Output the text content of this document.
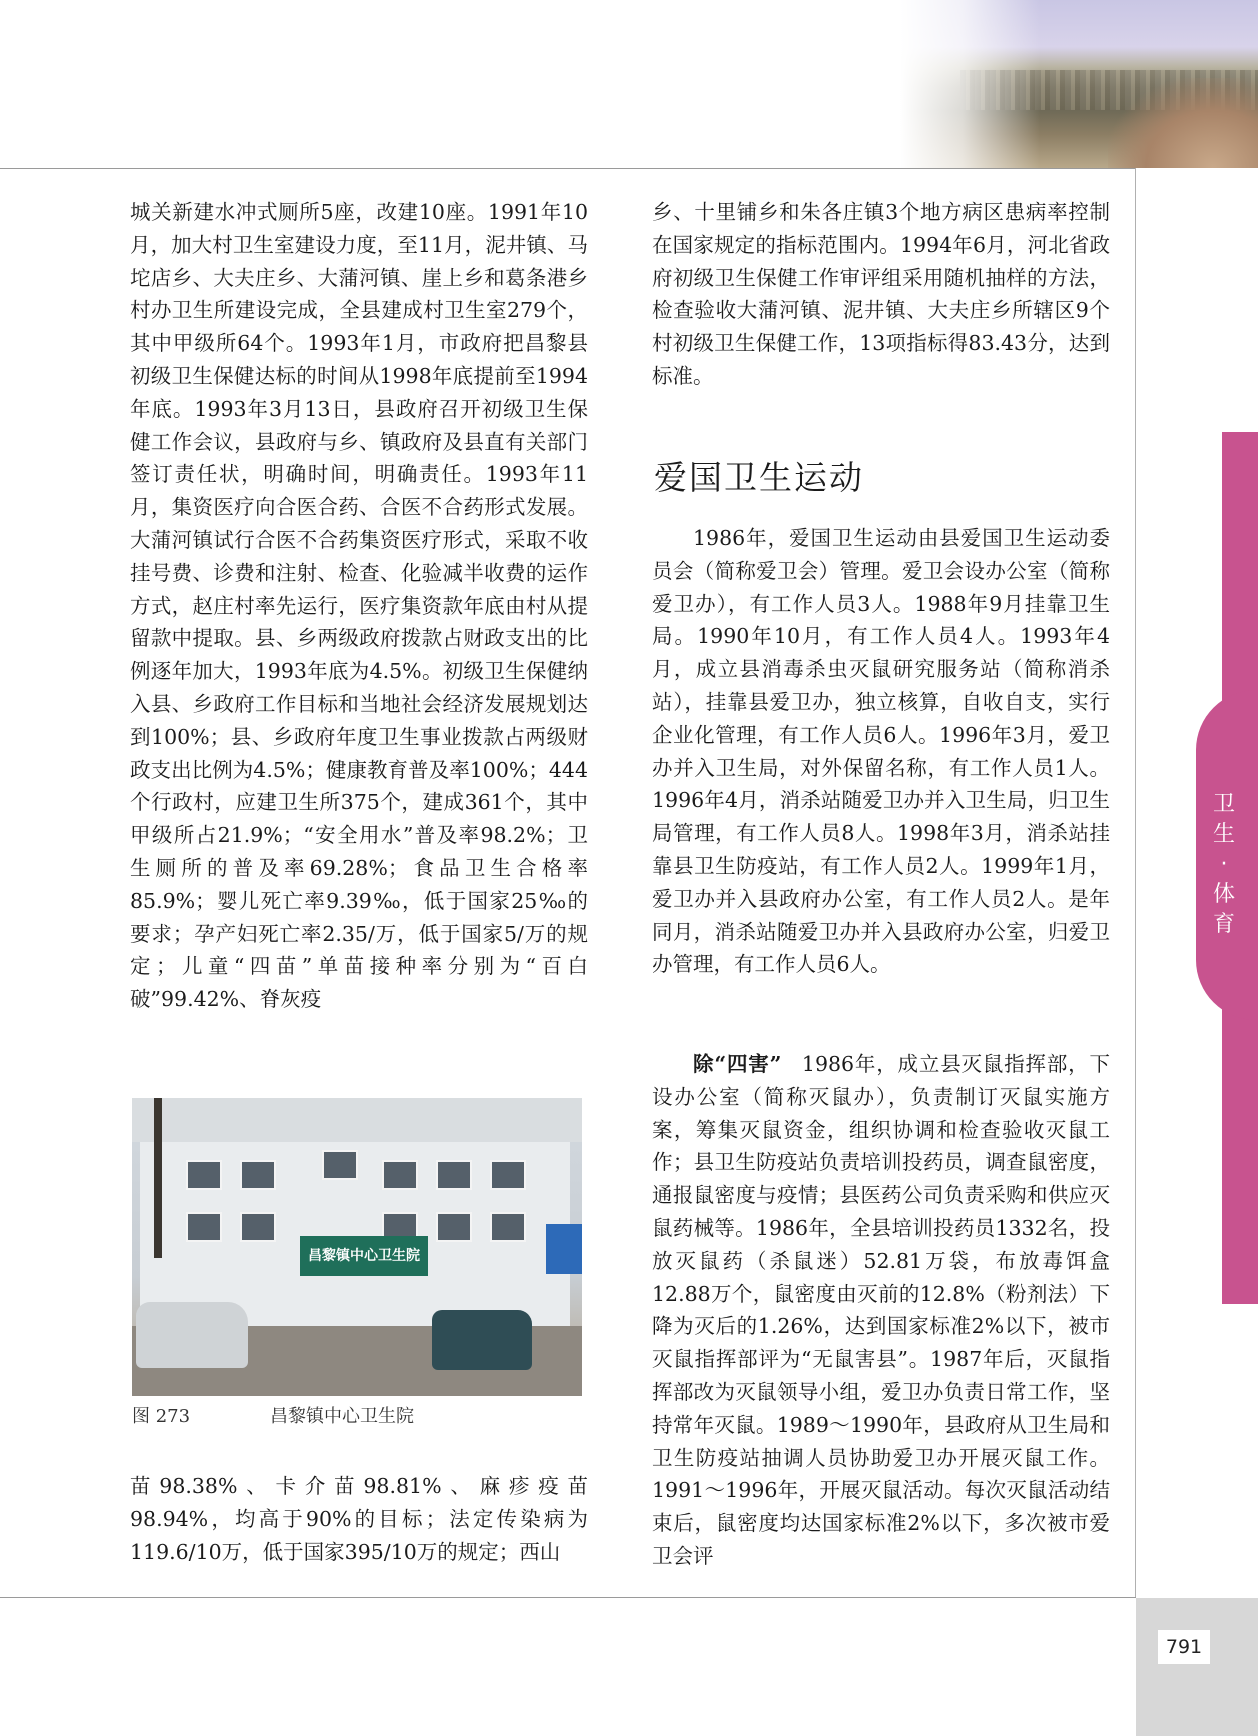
卫
生
·
体
育

城关新建水冲式厕所5座，改建10座。1991年10月，加大村卫生室建设力度，至11月，泥井镇、马坨店乡、大夫庄乡、大蒲河镇、崖上乡和葛条港乡村办卫生所建设完成，全县建成村卫生室279个，其中甲级所64个。1993年1月，市政府把昌黎县初级卫生保健达标的时间从1998年底提前至1994年底。1993年3月13日，县政府召开初级卫生保健工作会议，县政府与乡、镇政府及县直有关部门签订责任状，明确时间，明确责任。1993年11月，集资医疗向合医合药、合医不合药形式发展。大蒲河镇试行合医不合药集资医疗形式，采取不收挂号费、诊费和注射、检查、化验减半收费的运作方式，赵庄村率先运行，医疗集资款年底由村从提留款中提取。县、乡两级政府拨款占财政支出的比例逐年加大，1993年底为4.5%。初级卫生保健纳入县、乡政府工作目标和当地社会经济发展规划达到100%；县、乡政府年度卫生事业拨款占两级财政支出比例为4.5%；健康教育普及率100%；444个行政村，应建卫生所375个，建成361个，其中甲级所占21.9%；“安全用水”普及率98.2%；卫生厕所的普及率69.28%；食品卫生合格率85.9%；婴儿死亡率9.39‰，低于国家25‰的要求；孕产妇死亡率2.35/万，低于国家5/万的规定；儿童“四苗”单苗接种率分别为“百白破”99.42%、脊灰疫

昌黎镇中心卫生院
图 273	昌黎镇中心卫生院

苗98.38%、卡介苗98.81%、麻疹疫苗98.94%，均高于90%的目标；法定传染病为119.6/10万，低于国家395/10万的规定；西山

乡、十里铺乡和朱各庄镇3个地方病区患病率控制在国家规定的指标范围内。1994年6月，河北省政府初级卫生保健工作审评组采用随机抽样的方法，检查验收大蒲河镇、泥井镇、大夫庄乡所辖区9个村初级卫生保健工作，13项指标得83.43分，达到标准。

爱国卫生运动

1986年，爱国卫生运动由县爱国卫生运动委员会（简称爱卫会）管理。爱卫会设办公室（简称爱卫办），有工作人员3人。1988年9月挂靠卫生局。1990年10月，有工作人员4人。1993年4月，成立县消毒杀虫灭鼠研究服务站（简称消杀站），挂靠县爱卫办，独立核算，自收自支，实行企业化管理，有工作人员6人。1996年3月，爱卫办并入卫生局，对外保留名称，有工作人员1人。1996年4月，消杀站随爱卫办并入卫生局，归卫生局管理，有工作人员8人。1998年3月，消杀站挂靠县卫生防疫站，有工作人员2人。1999年1月，爱卫办并入县政府办公室，有工作人员2人。是年同月，消杀站随爱卫办并入县政府办公室，归爱卫办管理，有工作人员6人。

除“四害”  1986年，成立县灭鼠指挥部，下设办公室（简称灭鼠办），负责制订灭鼠实施方案，筹集灭鼠资金，组织协调和检查验收灭鼠工作；县卫生防疫站负责培训投药员，调查鼠密度，通报鼠密度与疫情；县医药公司负责采购和供应灭鼠药械等。1986年，全县培训投药员1332名，投放灭鼠药（杀鼠迷）52.81万袋，布放毒饵盒12.88万个，鼠密度由灭前的12.8%（粉剂法）下降为灭后的1.26%，达到国家标准2%以下，被市灭鼠指挥部评为“无鼠害县”。1987年后，灭鼠指挥部改为灭鼠领导小组，爱卫办负责日常工作，坚持常年灭鼠。1989～1990年，县政府从卫生局和卫生防疫站抽调人员协助爱卫办开展灭鼠工作。1991～1996年，开展灭鼠活动。每次灭鼠活动结束后，鼠密度均达国家标准2%以下，多次被市爱卫会评

791
